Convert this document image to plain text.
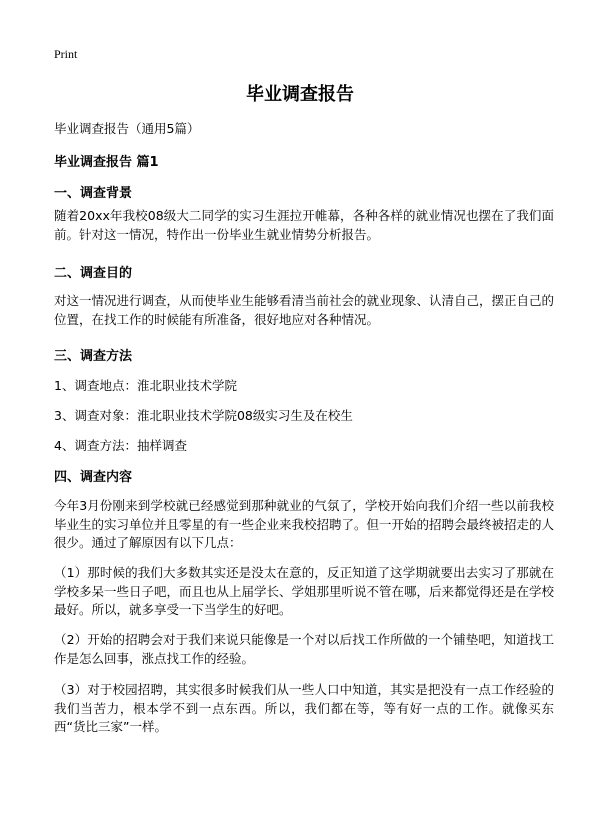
Print
毕业调查报告

毕业调查报告（通用5篇）

毕业调查报告 篇1

一、调查背景

随着20xx年我校08级大二同学的实习生涯拉开帷幕，各种各样的就业情况也摆在了我们面前。针对这一情况，特作出一份毕业生就业情势分析报告。

二、调查目的

对这一情况进行调查，从而使毕业生能够看清当前社会的就业现象、认清自己，摆正自己的位置，在找工作的时候能有所准备，很好地应对各种情况。

三、调查方法

1、调查地点：淮北职业技术学院

3、调查对象：淮北职业技术学院08级实习生及在校生

4、调查方法：抽样调查

四、调查内容

今年3月份刚来到学校就已经感觉到那种就业的气氛了，学校开始向我们介绍一些以前我校毕业生的实习单位并且零星的有一些企业来我校招聘了。但一开始的招聘会最终被招走的人很少。通过了解原因有以下几点：

（1）那时候的我们大多数其实还是没太在意的，反正知道了这学期就要出去实习了那就在学校多呆一些日子吧，而且也从上届学长、学姐那里听说不管在哪，后来都觉得还是在学校最好。所以，就多享受一下当学生的好吧。

（2）开始的招聘会对于我们来说只能像是一个对以后找工作所做的一个铺垫吧，知道找工作是怎么回事，涨点找工作的经验。

（3）对于校园招聘，其实很多时候我们从一些人口中知道，其实是把没有一点工作经验的我们当苦力，根本学不到一点东西。所以，我们都在等，等有好一点的工作。就像买东西“货比三家”一样。
